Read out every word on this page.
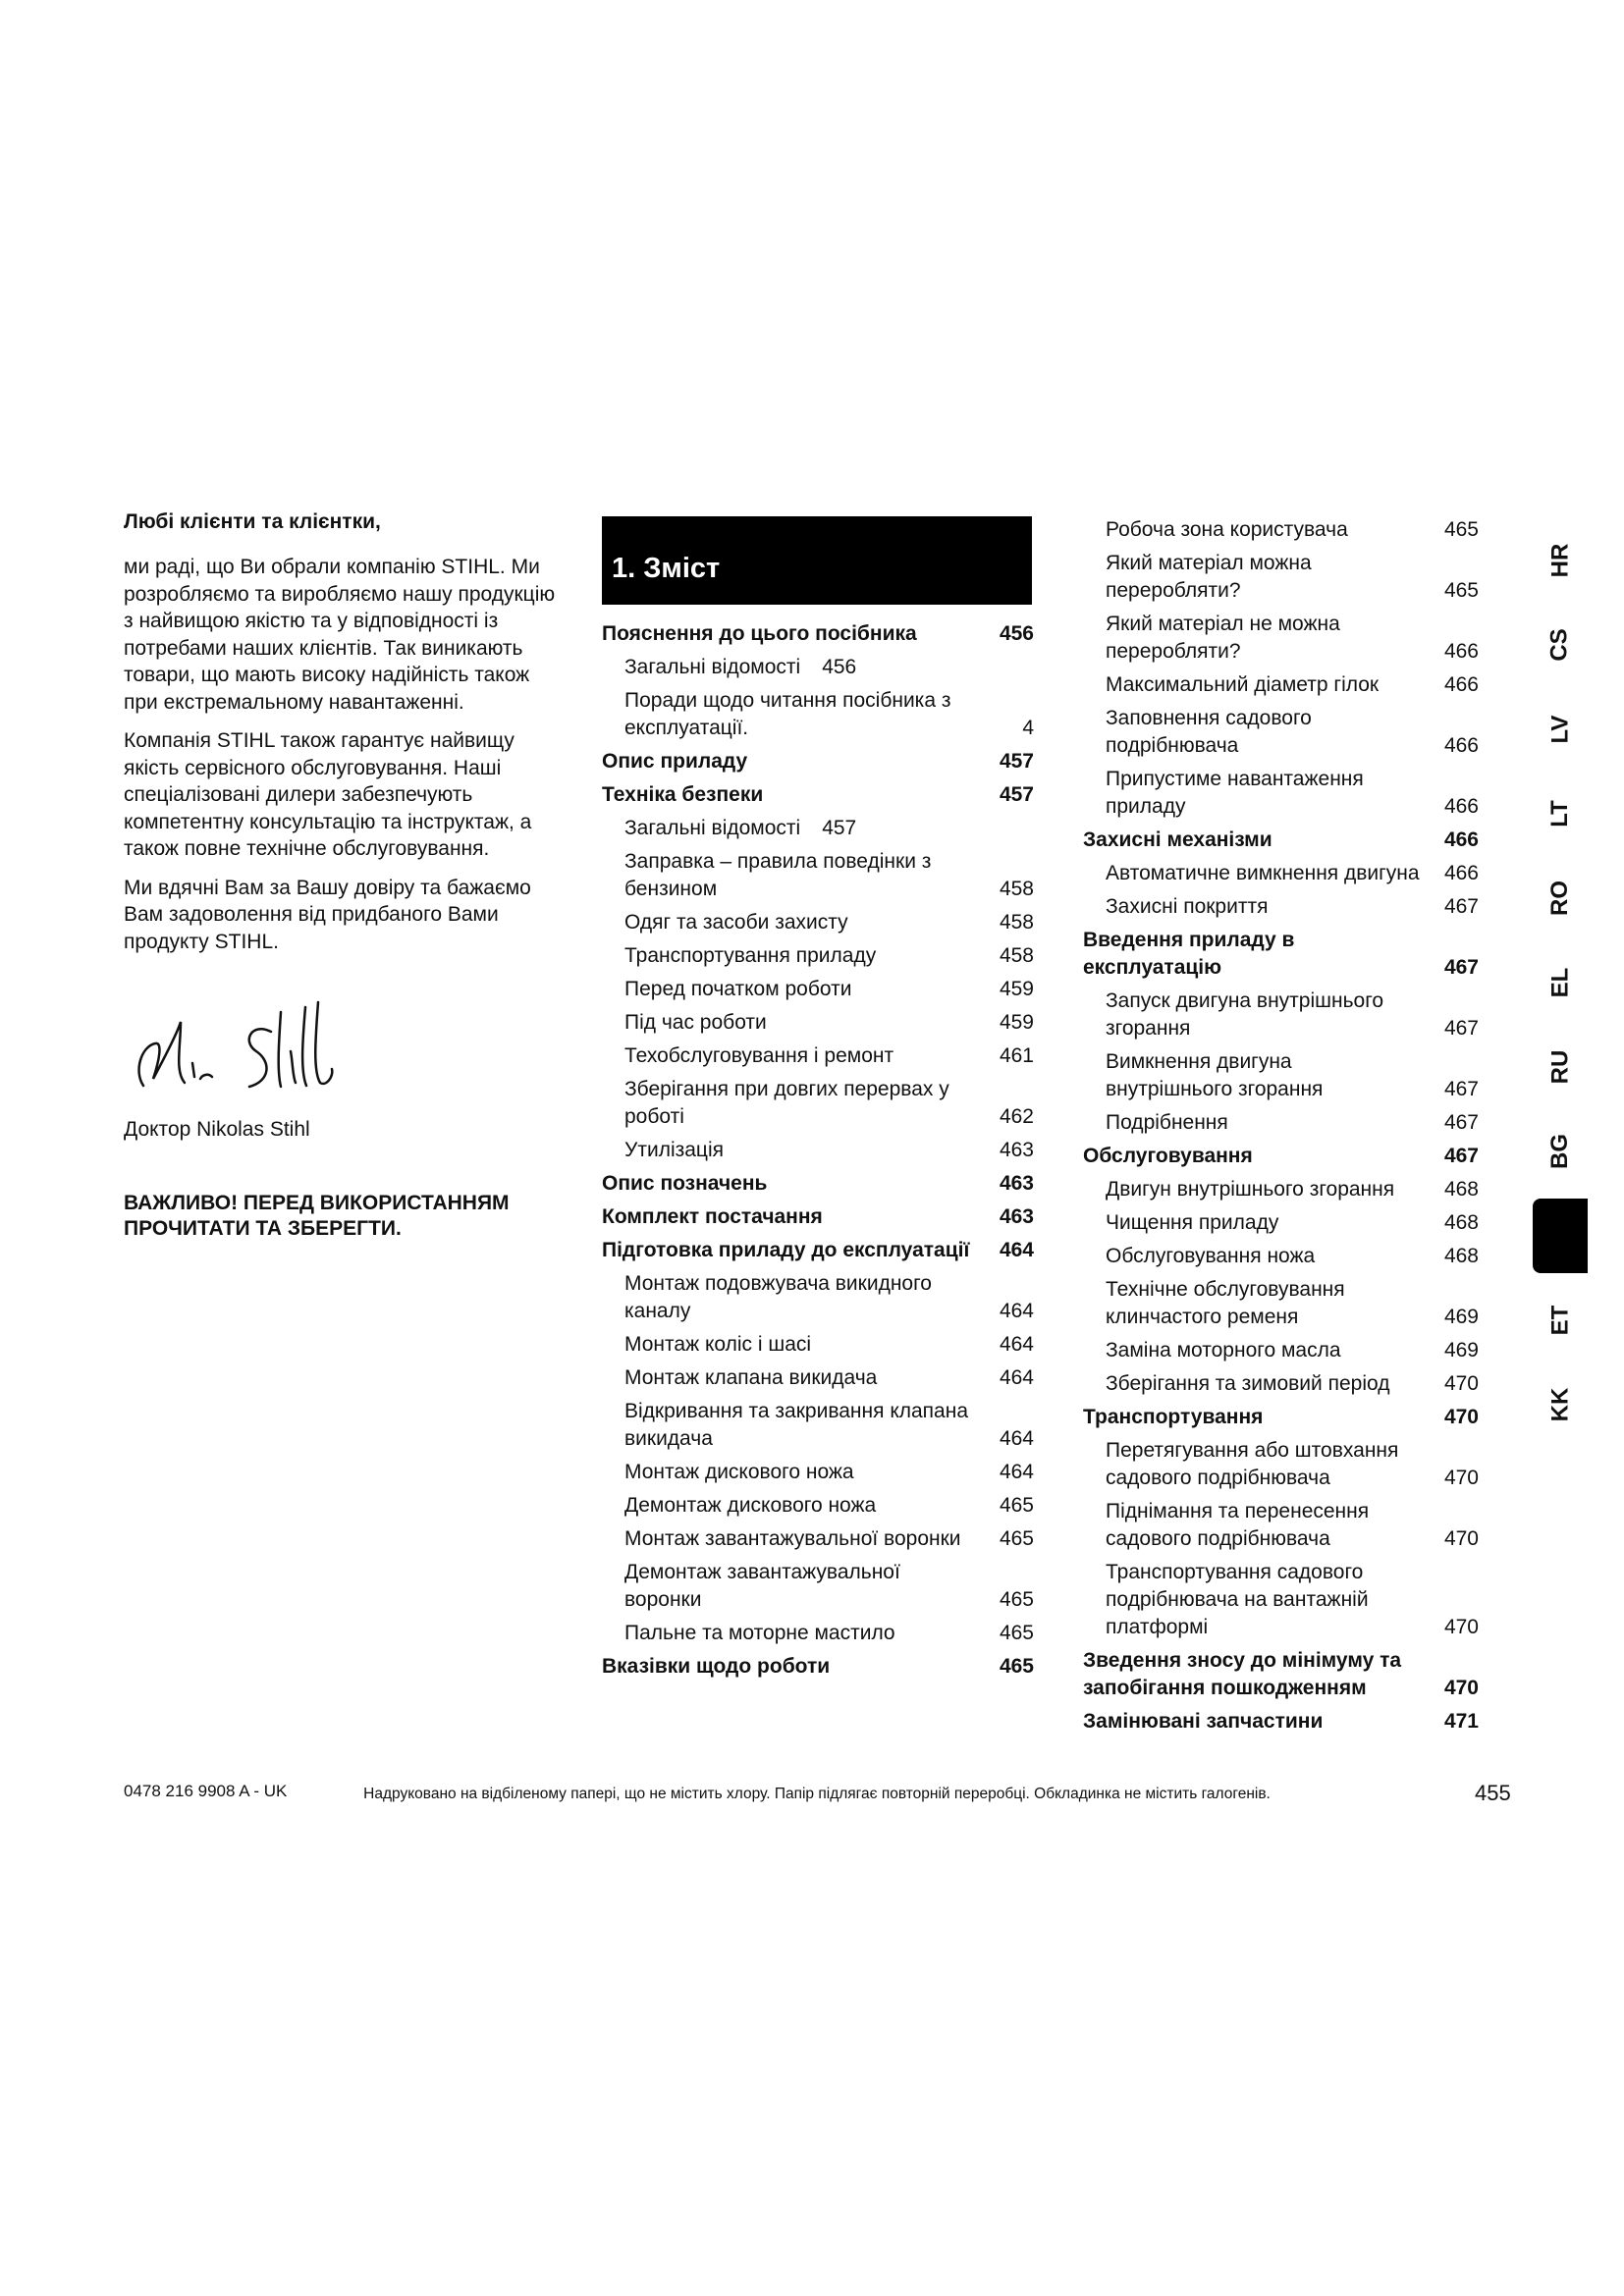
Любі клієнти та клієнтки,

ми раді, що Ви обрали компанію STIHL. Ми розробляємо та виробляємо нашу продукцію з найвищою якістю та у відповідності із потребами наших клієнтів. Так виникають товари, що мають високу надійність також при екстремальному навантаженні.

Компанія STIHL також гарантує найвищу якість сервісного обслуговування. Наші спеціалізовані дилери забезпечують компетентну консультацію та інструктаж, а також повне технічне обслуговування.

Ми вдячні Вам за Вашу довіру та бажаємо Вам задоволення від придбаного Вами продукту STIHL.

Доктор Nikolas Stihl
ВАЖЛИВО! ПЕРЕД ВИКОРИСТАННЯМ ПРОЧИТАТИ ТА ЗБЕРЕГТИ.
1. Зміст
Пояснення до цього посібника	456
Загальні відомості 456
Поради щодо читання посібника з експлуатації.	4
Опис приладу	457
Техніка безпеки	457
Загальні відомості 457
Заправка – правила поведінки з бензином	458
Одяг та засоби захисту	458
Транспортування приладу	458
Перед початком роботи	459
Під час роботи	459
Техобслуговування і ремонт	461
Зберігання при довгих перервах у роботі	462
Утилізація	463
Опис позначень	463
Комплект постачання	463
Підготовка приладу до експлуатації	464
Монтаж подовжувача викидного каналу	464
Монтаж коліс і шасі	464
Монтаж клапана викидача	464
Відкривання та закривання клапана викидача	464
Монтаж дискового ножа	464
Демонтаж дискового ножа	465
Монтаж завантажувальної воронки	465
Демонтаж завантажувальної воронки	465
Пальне та моторне мастило	465
Вказівки щодо роботи	465
Робоча зона користувача	465
Який матеріал можна переробляти?	465
Який матеріал не можна переробляти?	466
Максимальний діаметр гілок	466
Заповнення садового подрібнювача	466
Припустиме навантаження приладу	466
Захисні механізми	466
Автоматичне вимкнення двигуна	466
Захисні покриття	467
Введення приладу в експлуатацію	467
Запуск двигуна внутрішнього згорання	467
Вимкнення двигуна внутрішнього згорання	467
Подрібнення	467
Обслуговування	467
Двигун внутрішнього згорання	468
Чищення приладу	468
Обслуговування ножа	468
Технічне обслуговування клинчастого ременя	469
Заміна моторного масла	469
Зберігання та зимовий період	470
Транспортування	470
Перетягування або штовхання садового подрібнювача	470
Піднімання та перенесення садового подрібнювача	470
Транспортування садового подрібнювача на вантажній платформі	470
Зведення зносу до мінімуму та запобігання пошкодженням	470
Замінювані запчастини	471
HR
CS
LV
LT
RO
EL
RU
BG
UK
ET
KK
0478 216 9908 A - UK	Надруковано на відбіленому папері, що не містить хлору. Папір підлягає повторній переробці. Обкладинка не містить галогенів.	455
